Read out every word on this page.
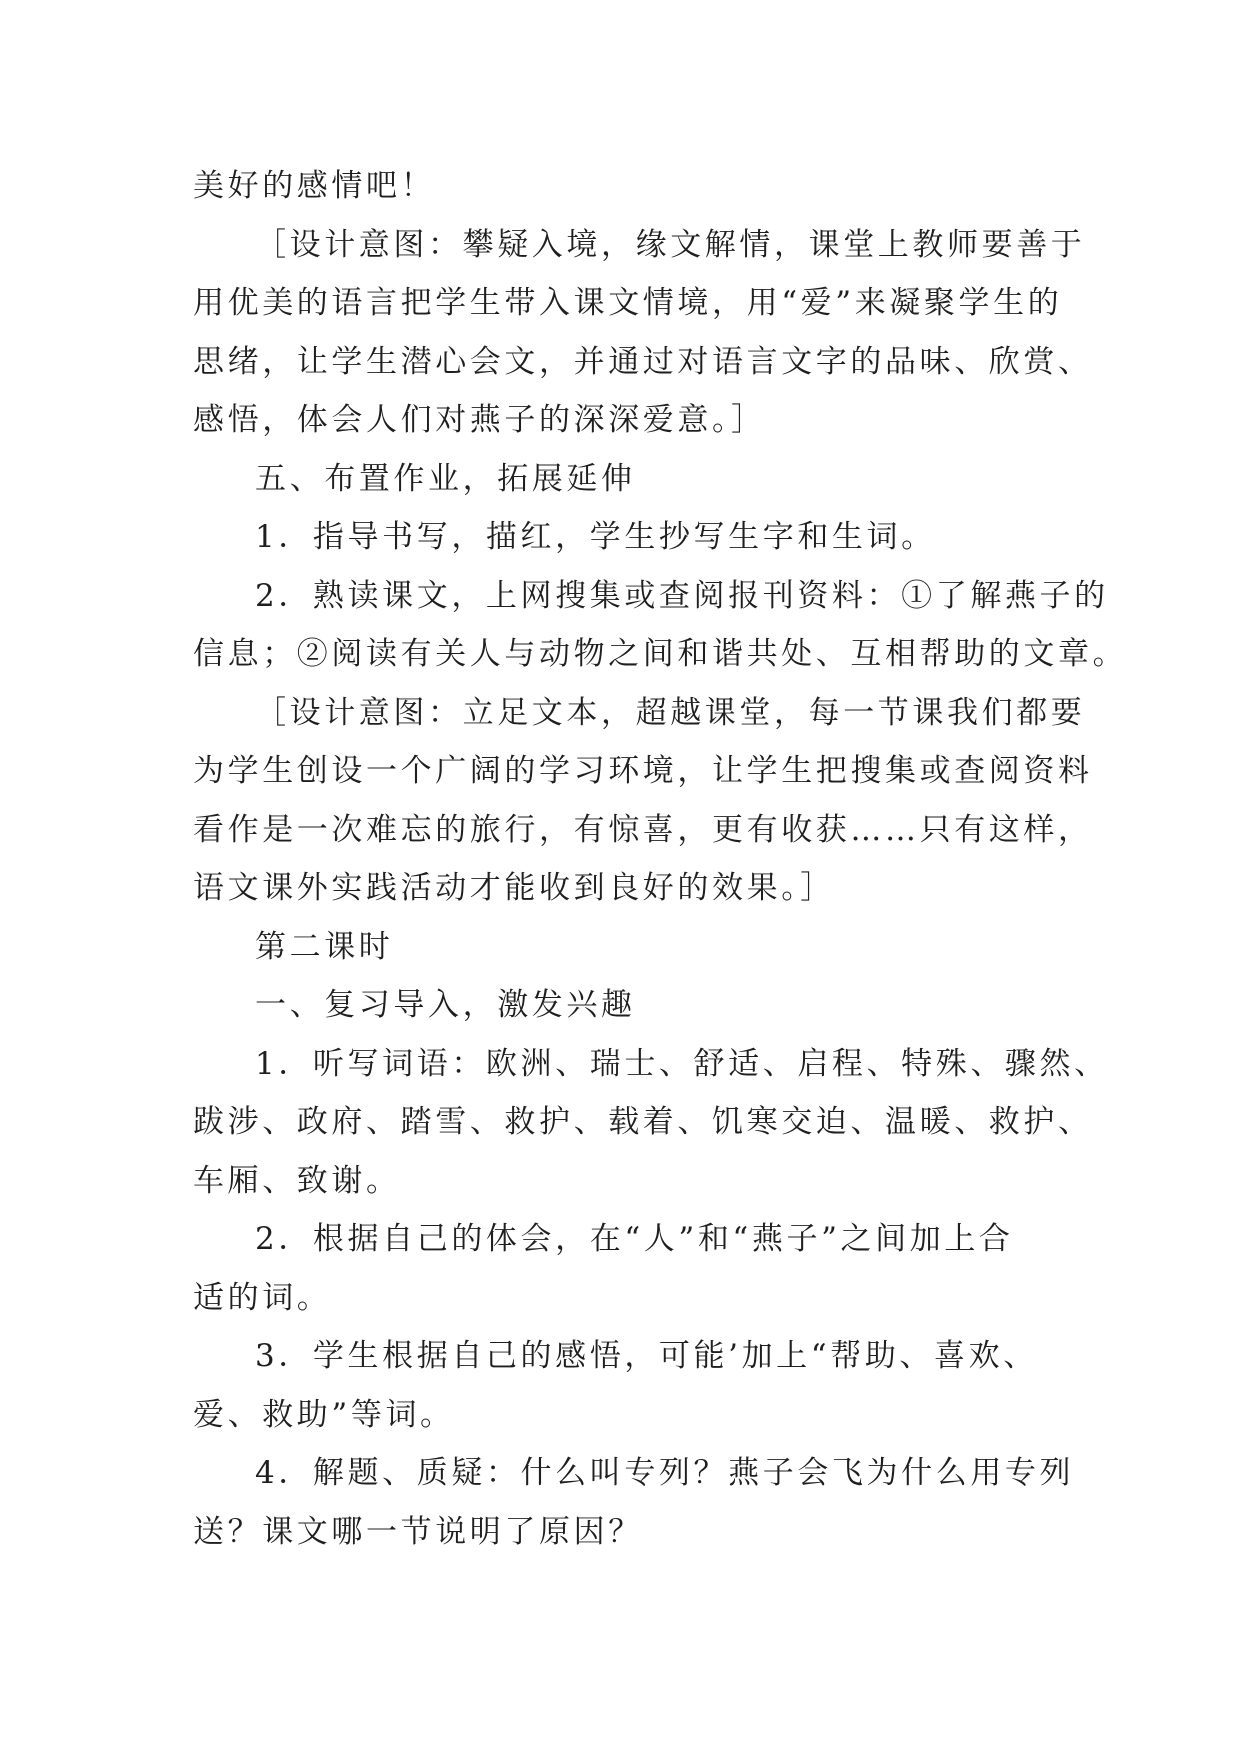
美好的感情吧！
［设计意图：攀疑入境，缘文解情，课堂上教师要善于
用优美的语言把学生带入课文情境，用“爱”来凝聚学生的
思绪，让学生潜心会文，并通过对语言文字的品味、欣赏、
感悟，体会人们对燕子的深深爱意。］
五、布置作业，拓展延伸
1．指导书写，描红，学生抄写生字和生词。
2．熟读课文，上网搜集或查阅报刊资料：①了解燕子的
信息；②阅读有关人与动物之间和谐共处、互相帮助的文章。
［设计意图：立足文本，超越课堂，每一节课我们都要
为学生创设一个广阔的学习环境，让学生把搜集或查阅资料
看作是一次难忘的旅行，有惊喜，更有收获……只有这样，
语文课外实践活动才能收到良好的效果。］
第二课时
一、复习导入，激发兴趣
1．听写词语：欧洲、瑞士、舒适、启程、特殊、骤然、
跋涉、政府、踏雪、救护、载着、饥寒交迫、温暖、救护、
车厢、致谢。
2．根据自己的体会，在“人”和“燕子”之间加上合
适的词。
3．学生根据自己的感悟，可能’加上“帮助、喜欢、
爱、救助”等词。
4．解题、质疑：什么叫专列？燕子会飞为什么用专列
送？课文哪一节说明了原因？
